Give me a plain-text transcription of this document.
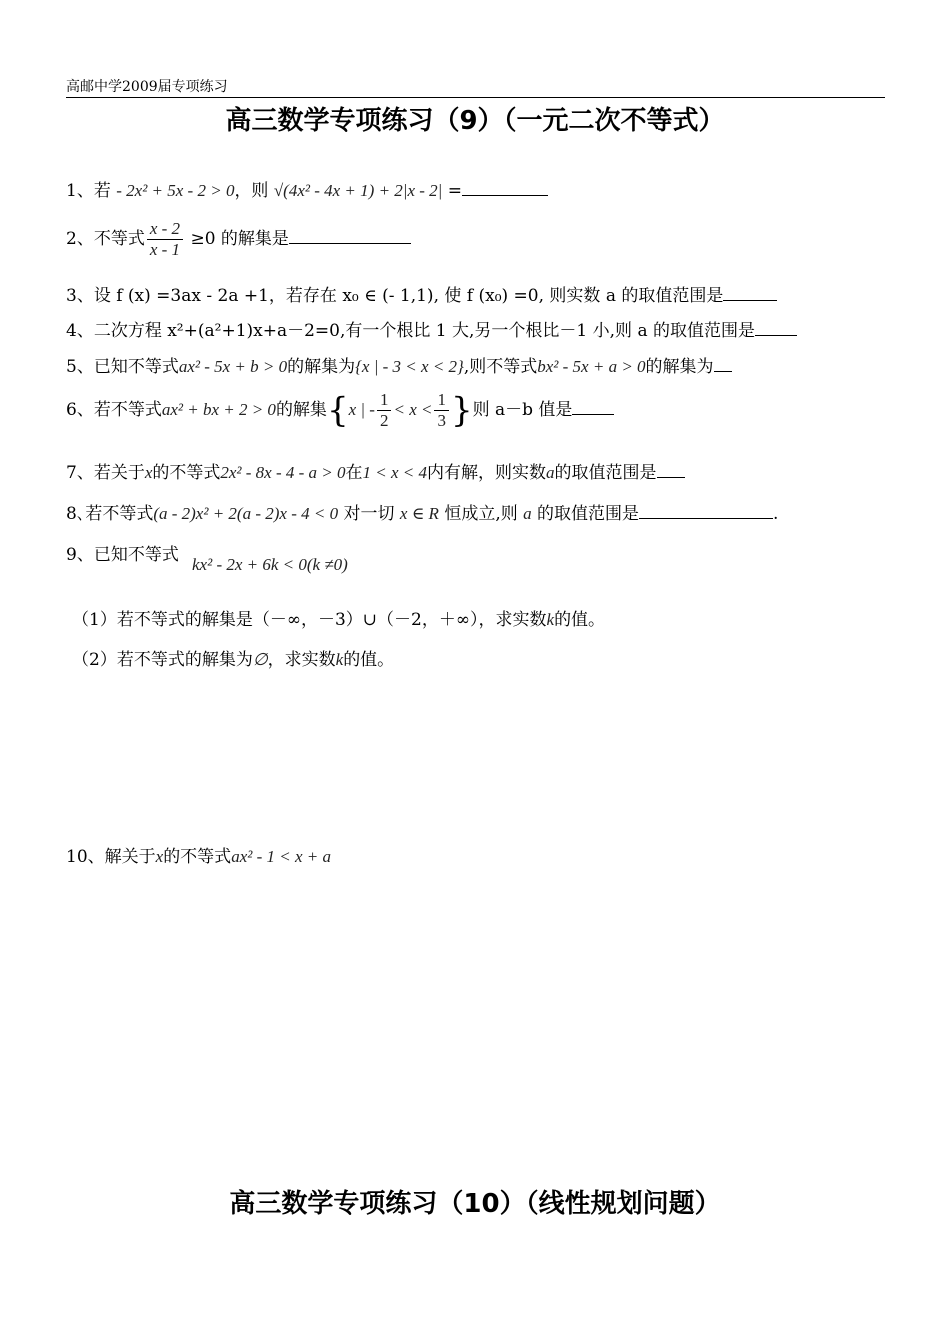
高邮中学2009届专项练习
高三数学专项练习（9）（一元二次不等式）
1、若 - 2x² + 5x - 2 > 0，则 √(4x² - 4x + 1) + 2|x - 2| =
2、不等式 $\frac{x - 2}{x - 1} \ge 0$ 的解集是
3、设 f (x) =3ax - 2a +1，若存在 x₀ ∈ (- 1,1), 使 f (x₀) =0, 则实数 a 的取值范围是
4、二次方程 x²+(a²+1)x+a－2=0,有一个根比 1 大,另一个根比－1 小,则 a 的取值范围是
5、已知不等式ax² - 5x + b > 0的解集为{x | - 3 < x < 2},则不等式bx² - 5x + a > 0的解集为
6、若不等式ax² + bx + 2 > 0的解集{x | - $\frac{1}{2} < x < \frac{1}{3}$ }则 a－b 值是
7、若关于x的不等式2x² - 8x - 4 - a > 0在1 < x < 4内有解，则实数a的取值范围是
8､若不等式(a - 2)x² + 2(a - 2)x - 4 < 0 对一切 x ∈ R 恒成立,则 a 的取值范围是	.
9、已知不等式 kx² - 2x + 6k < 0(k ≠0)
（1）若不等式的解集是（－∞，－3）∪（－2，＋∞），求实数k的值。
（2）若不等式的解集为∅，求实数k的值。
10、解关于x的不等式ax² - 1 < x + a
高三数学专项练习（10）（线性规划问题）
